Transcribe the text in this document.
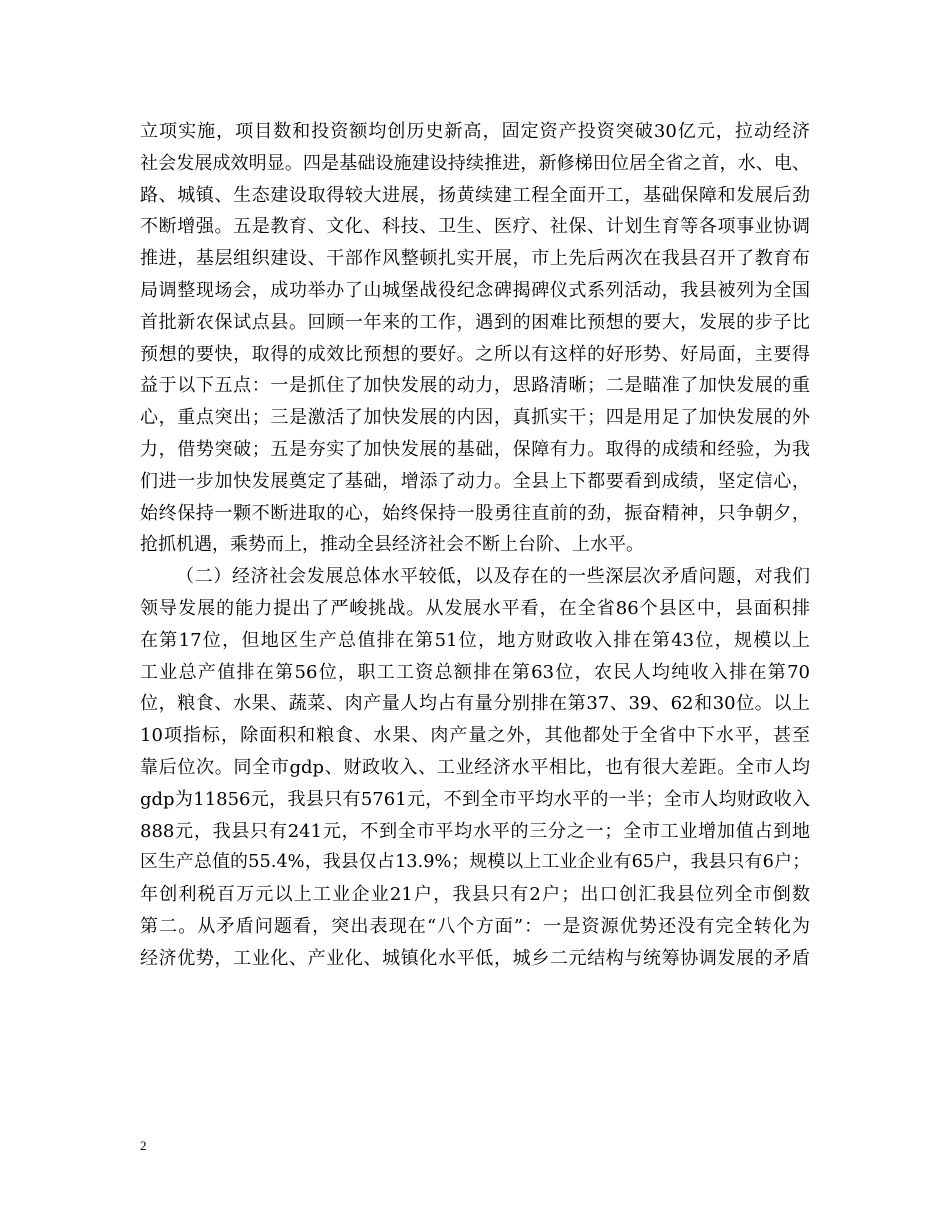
立项实施，项目数和投资额均创历史新高，固定资产投资突破30亿元，拉动经济
社会发展成效明显。四是基础设施建设持续推进，新修梯田位居全省之首，水、电、
路、城镇、生态建设取得较大进展，扬黄续建工程全面开工，基础保障和发展后劲
不断增强。五是教育、文化、科技、卫生、医疗、社保、计划生育等各项事业协调
推进，基层组织建设、干部作风整顿扎实开展，市上先后两次在我县召开了教育布
局调整现场会，成功举办了山城堡战役纪念碑揭碑仪式系列活动，我县被列为全国
首批新农保试点县。回顾一年来的工作，遇到的困难比预想的要大，发展的步子比
预想的要快，取得的成效比预想的要好。之所以有这样的好形势、好局面，主要得
益于以下五点：一是抓住了加快发展的动力，思路清晰；二是瞄准了加快发展的重
心，重点突出；三是激活了加快发展的内因，真抓实干；四是用足了加快发展的外
力，借势突破；五是夯实了加快发展的基础，保障有力。取得的成绩和经验，为我
们进一步加快发展奠定了基础，增添了动力。全县上下都要看到成绩，坚定信心，
始终保持一颗不断进取的心，始终保持一股勇往直前的劲，振奋精神，只争朝夕，
抢抓机遇，乘势而上，推动全县经济社会不断上台阶、上水平。
（二）经济社会发展总体水平较低，以及存在的一些深层次矛盾问题，对我们
领导发展的能力提出了严峻挑战。从发展水平看，在全省86个县区中，县面积排
在第17位，但地区生产总值排在第51位，地方财政收入排在第43位，规模以上
工业总产值排在第56位，职工工资总额排在第63位，农民人均纯收入排在第70
位，粮食、水果、蔬菜、肉产量人均占有量分别排在第37、39、62和30位。以上
10项指标，除面积和粮食、水果、肉产量之外，其他都处于全省中下水平，甚至
靠后位次。同全市gdp、财政收入、工业经济水平相比，也有很大差距。全市人均
gdp为11856元，我县只有5761元，不到全市平均水平的一半；全市人均财政收入
888元，我县只有241元，不到全市平均水平的三分之一；全市工业增加值占到地
区生产总值的55.4%，我县仅占13.9%；规模以上工业企业有65户，我县只有6户；
年创利税百万元以上工业企业21户，我县只有2户；出口创汇我县位列全市倒数
第二。从矛盾问题看，突出表现在“八个方面”：一是资源优势还没有完全转化为
经济优势，工业化、产业化、城镇化水平低，城乡二元结构与统筹协调发展的矛盾
2
